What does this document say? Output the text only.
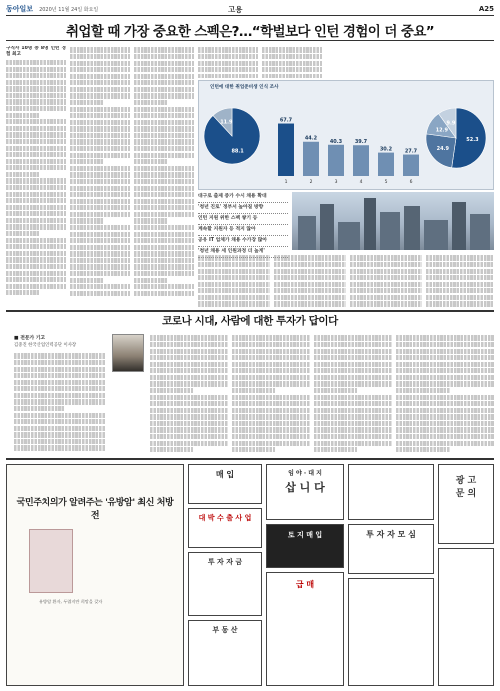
동아일보 2020년 11월 24일 화요일	고용	A25
취업할 때 가장 중요한 스펙은?…“학벌보다 인턴 경험이 더 중요”
구직자 10명 중 8명 인턴 경험 최고
인턴에 대한 취업준비생 인식 조사
88.1
11.9	67.7
1
44.2
2
40.3
3
39.7
4
30.2
5
27.7
6
52.3
24.9
12.9
9.9
대구로 출제 증가 수시 채용 확대
'청년 진로' 정부서 높아질 방향
인턴 지원 위한 스펙 쌓기 등
계속할 지원자 등 적지 않아
공유 IT 업체가 채용 수가장 많아
'청년 채용 세 인원과정 더 높게'
코로나 시대, 사람에 대한 투자가 답이다
■ 전문가 기고
김중진 한국산업인력공단 이사장
국민주치의가 알려주는 '유방암' 최신 처방전
유방암 환자, 두렵지만 희망을 갖자
매 입
대 박 수 출 사 업
투 자 자 금
부 동 산
임 야 · 대 지
삽 니 다
토 지 매 입
급 매
투 자 자 모 심
광 고 문 의
